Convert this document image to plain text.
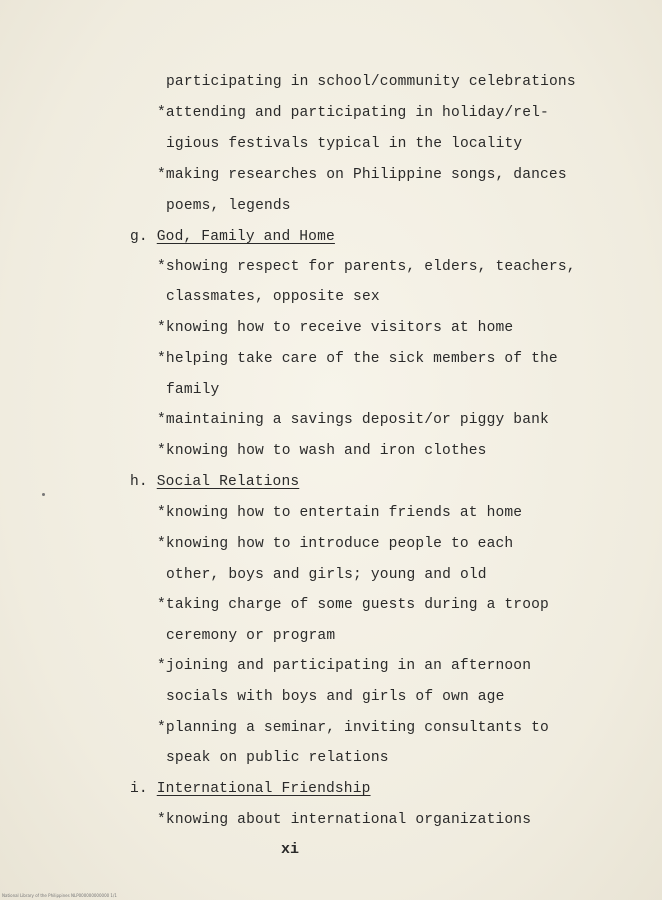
participating in school/community celebrations
*attending and participating in holiday/rel-
igious festivals typical in the locality
*making researches on Philippine songs, dances
poems, legends
g. God, Family and Home
*showing respect for parents, elders, teachers,
classmates, opposite sex
*knowing how to receive visitors at home
*helping take care of the sick members of the
family
*maintaining a savings deposit/or piggy bank
*knowing how to wash and iron clothes
h. Social Relations
*knowing how to entertain friends at home
*knowing how to introduce people to each
other, boys and girls; young and old
*taking charge of some guests during a troop
ceremony or program
*joining and participating in an afternoon
socials with boys and girls of own age
*planning a seminar, inviting consultants to
speak on public relations
i. International Friendship
*knowing about international organizations
xi
National Library of the Philippines NLP000000000000 1/1
